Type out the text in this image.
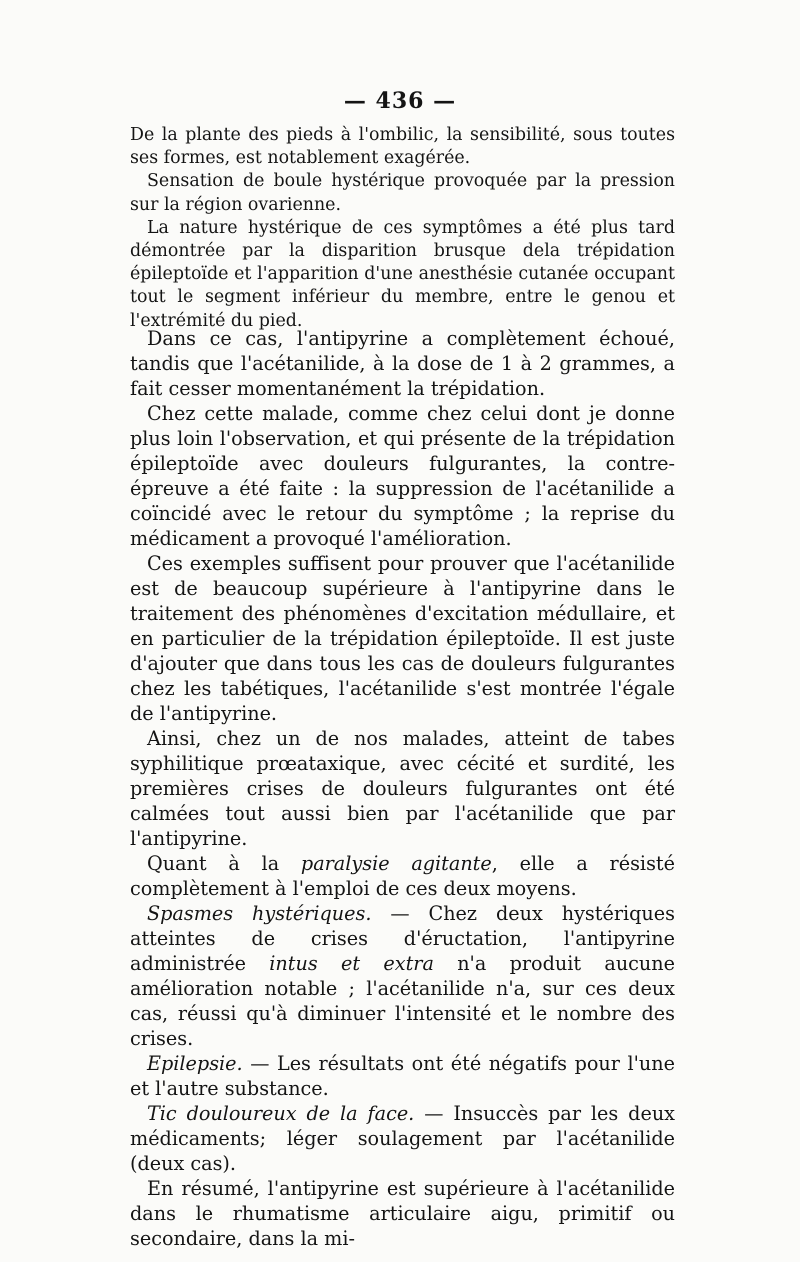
— 436 —

De la plante des pieds à l'ombilic, la sensibilité, sous toutes ses formes, est notablement exagérée.

Sensation de boule hystérique provoquée par la pression sur la région ovarienne.

La nature hystérique de ces symptômes a été plus tard démontrée par la disparition brusque dela trépidation épileptoïde et l'apparition d'une anesthésie cutanée occupant tout le segment inférieur du membre, entre le genou et l'extrémité du pied.

Dans ce cas, l'antipyrine a complètement échoué, tandis que l'acétanilide, à la dose de 1 à 2 grammes, a fait cesser momentanément la trépidation.

Chez cette malade, comme chez celui dont je donne plus loin l'observation, et qui présente de la trépidation épileptoïde avec douleurs fulgurantes, la contre-épreuve a été faite : la suppression de l'acétanilide a coïncidé avec le retour du symptôme ; la reprise du médicament a provoqué l'amélioration.

Ces exemples suffisent pour prouver que l'acétanilide est de beaucoup supérieure à l'antipyrine dans le traitement des phénomènes d'excitation médullaire, et en particulier de la trépidation épileptoïde. Il est juste d'ajouter que dans tous les cas de douleurs fulgurantes chez les tabétiques, l'acétanilide s'est montrée l'égale de l'antipyrine.

Ainsi, chez un de nos malades, atteint de tabes syphilitique prœataxique, avec cécité et surdité, les premières crises de douleurs fulgurantes ont été calmées tout aussi bien par l'acétanilide que par l'antipyrine.

Quant à la paralysie agitante, elle a résisté complètement à l'emploi de ces deux moyens.

Spasmes hystériques. — Chez deux hystériques atteintes de crises d'éructation, l'antipyrine administrée intus et extra n'a produit aucune amélioration notable ; l'acétanilide n'a, sur ces deux cas, réussi qu'à diminuer l'intensité et le nombre des crises.

Epilepsie. — Les résultats ont été négatifs pour l'une et l'autre substance.

Tic douloureux de la face. — Insuccès par les deux médicaments; léger soulagement par l'acétanilide (deux cas).

En résumé, l'antipyrine est supérieure à l'acétanilide dans le rhumatisme articulaire aigu, primitif ou secondaire, dans la mi-
